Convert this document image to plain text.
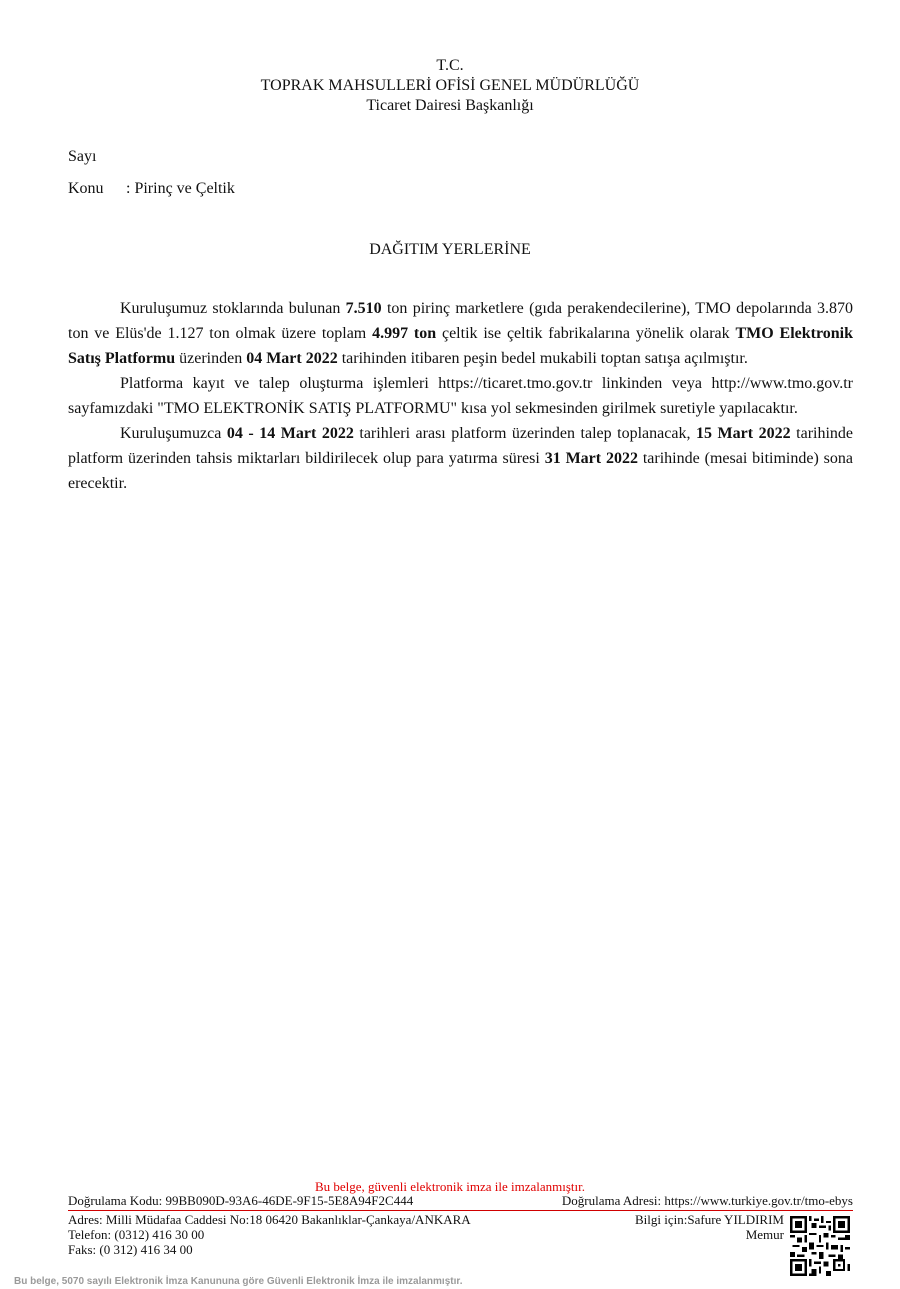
T.C.
TOPRAK MAHSULLERİ OFİSİ GENEL MÜDÜRLÜĞÜ
Ticaret Dairesi Başkanlığı
Sayı
Konu : Pirinç ve Çeltik
DAĞITIM YERLERİNE

Kuruluşumuz stoklarında bulunan 7.510 ton pirinç marketlere (gıda perakendecilerine), TMO depolarında 3.870 ton ve Elüs'de 1.127 ton olmak üzere toplam 4.997 ton çeltik ise çeltik fabrikalarına yönelik olarak TMO Elektronik Satış Platformu üzerinden 04 Mart 2022 tarihinden itibaren peşin bedel mukabili toptan satışa açılmıştır.

Platforma kayıt ve talep oluşturma işlemleri https://ticaret.tmo.gov.tr linkinden veya http://www.tmo.gov.tr sayfamızdaki "TMO ELEKTRONİK SATIŞ PLATFORMU" kısa yol sekmesinden girilmek suretiyle yapılacaktır.

Kuruluşumuzca 04 - 14 Mart 2022 tarihleri arası platform üzerinden talep toplanacak, 15 Mart 2022 tarihinde platform üzerinden tahsis miktarları bildirilecek olup para yatırma süresi 31 Mart 2022 tarihinde (mesai bitiminde) sona erecektir.

Bu belge, güvenli elektronik imza ile imzalanmıştır.
Doğrulama Kodu: 99BB090D-93A6-46DE-9F15-5E8A94F2C444	Doğrulama Adresi: https://www.turkiye.gov.tr/tmo-ebys
Adres: Milli Müdafaa Caddesi No:18 06420 Bakanlıklar-Çankaya/ANKARA
Telefon: (0312) 416 30 00
Faks: (0 312) 416 34 00
Bilgi için:Safure YILDIRIM
Memur
Bu belge, 5070 sayılı Elektronik İmza Kanununa göre Güvenli Elektronik İmza ile imzalanmıştır.
